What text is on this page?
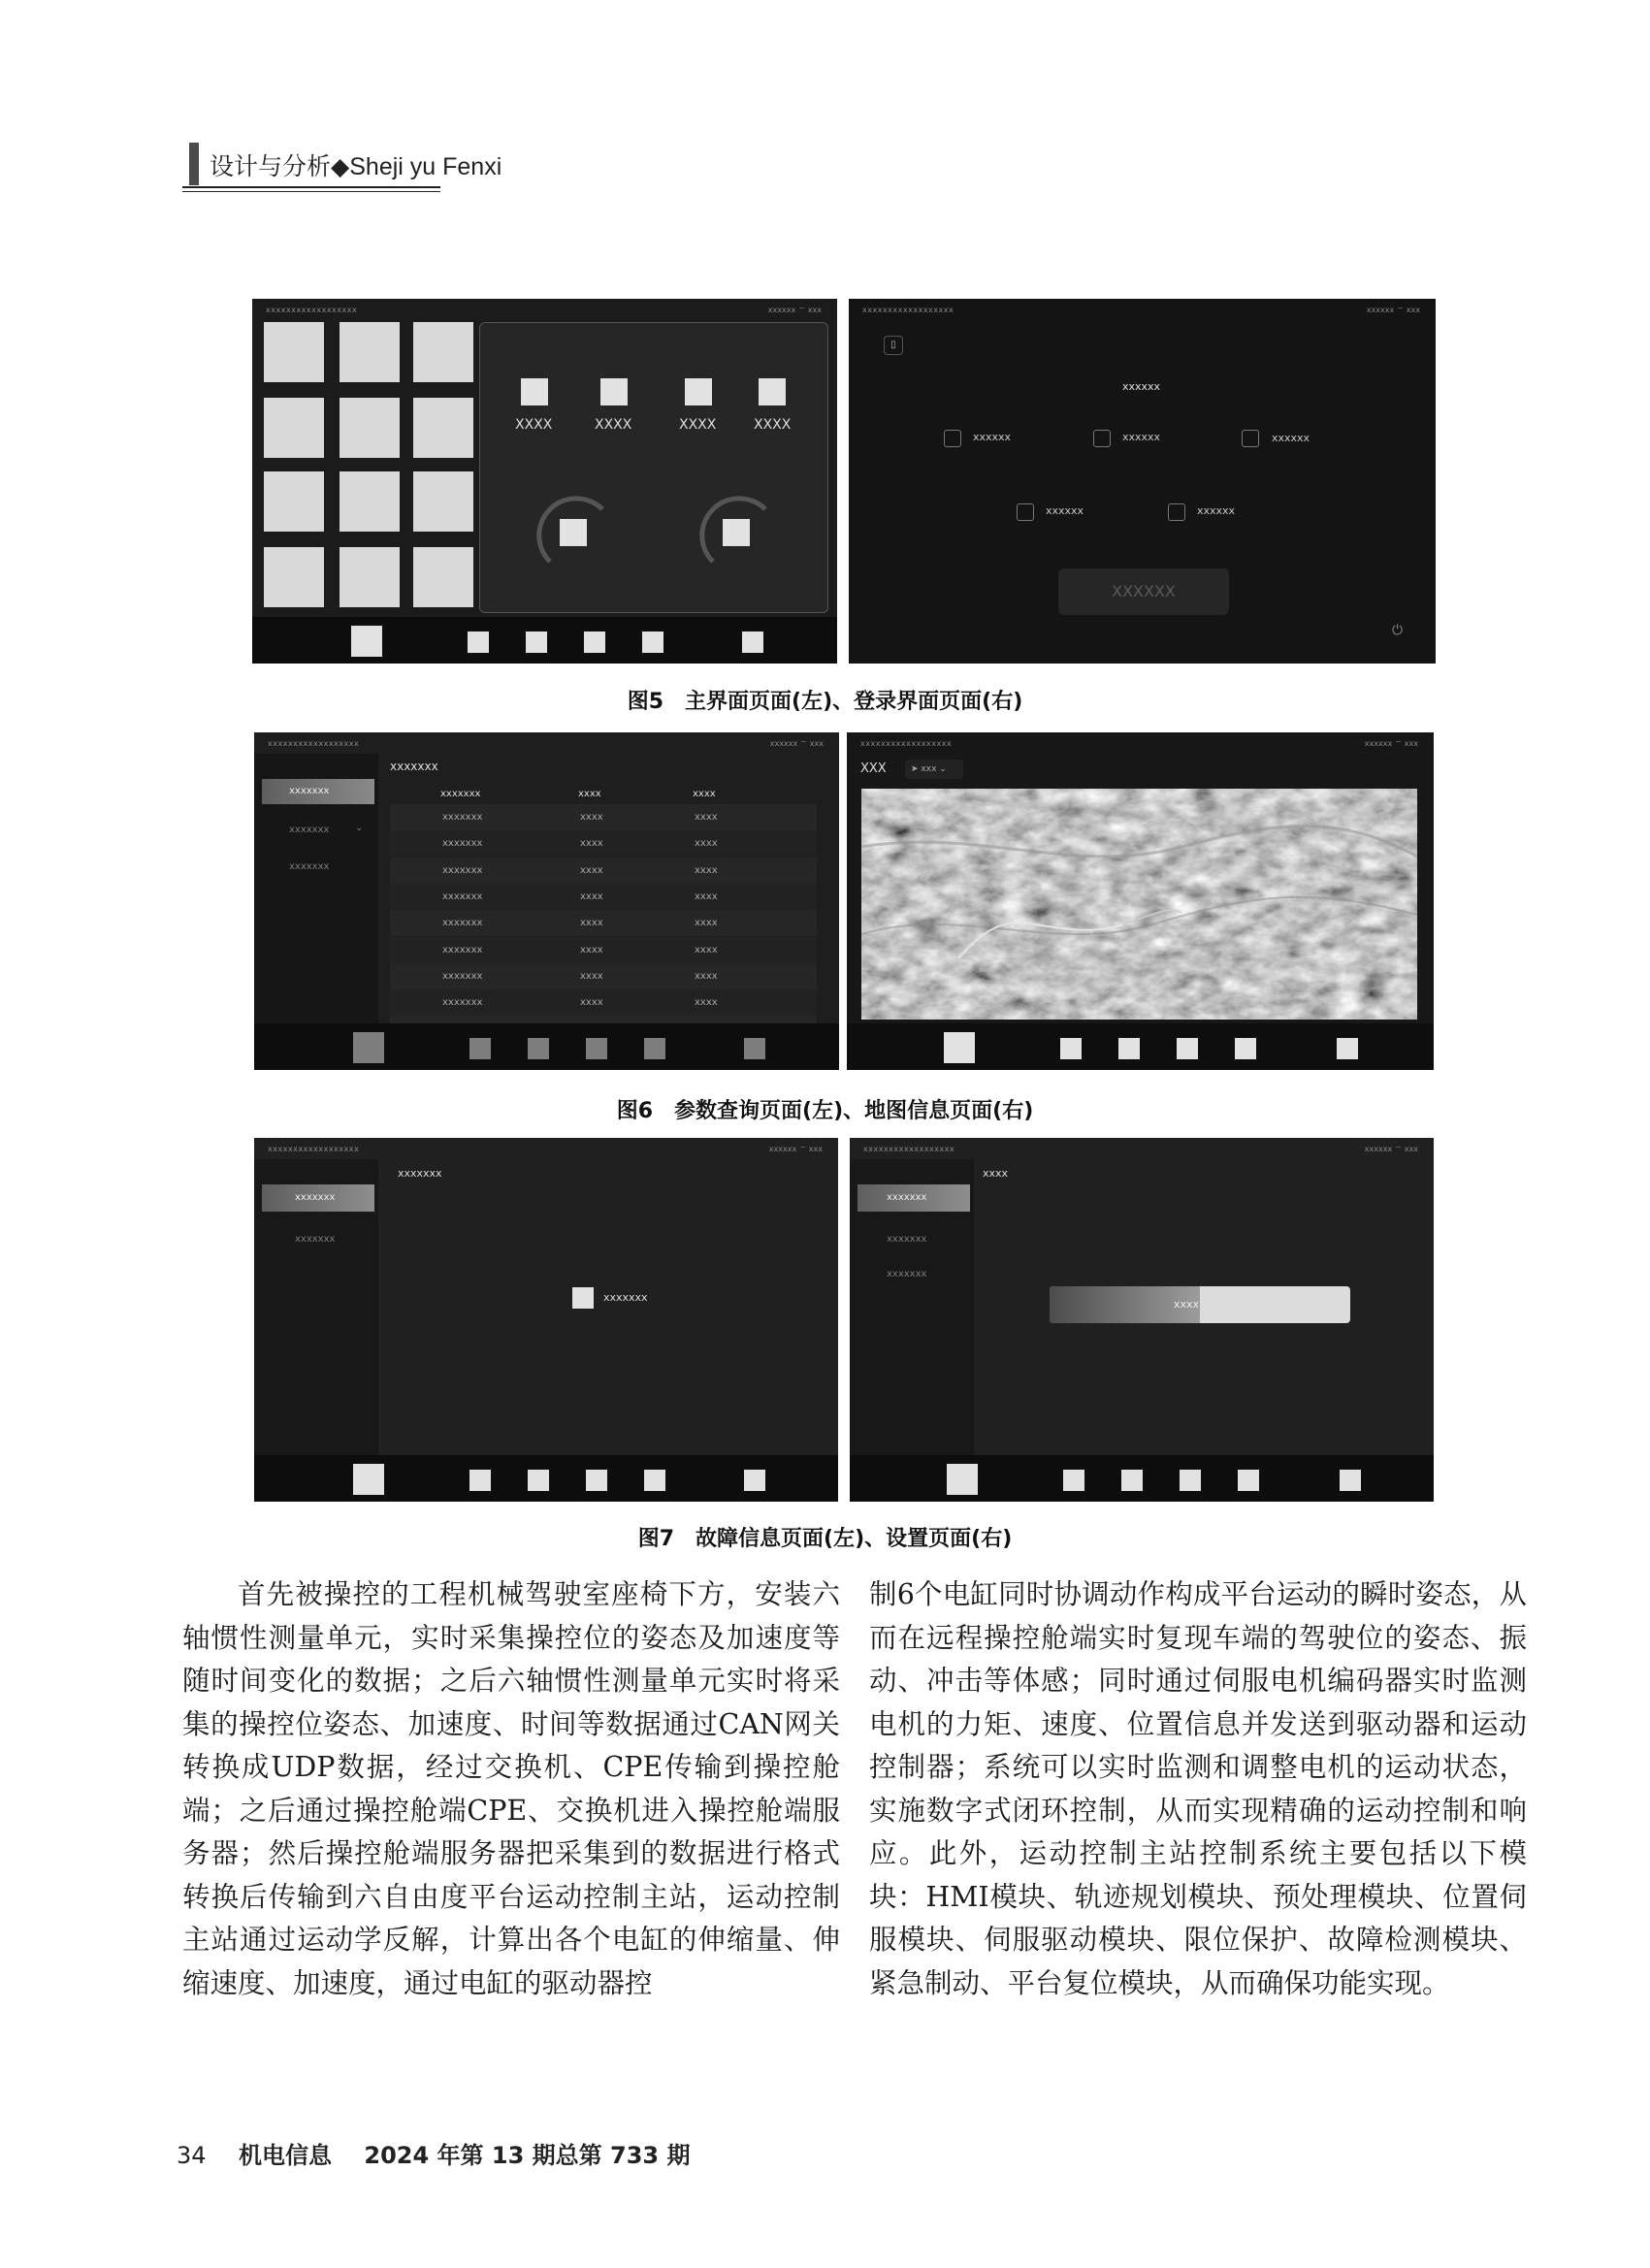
设计与分析◆Sheji yu Fenxi
xxxxxxxxxxxxxxxxxx	xxxxxx ⌔ xxx
XXXX	XXXX	XXXX	XXXX
xxxxxxxxxxxxxxxxxx	xxxxxx ⌔ xxx
▯
xxxxxx
xxxxxx	xxxxxx	xxxxxx
xxxxxx	xxxxxx
XXXXXX
⏻
图5　主界面页面(左)、登录界面页面(右)
xxxxxxxxxxxxxxxxxx	xxxxxx ⌔ xxx
xxxxxxx
xxxxxxx	⌄
xxxxxxx
xxxxxxx
xxxxxxx	xxxx	xxxx
xxxxxxx	xxxx	xxxx
xxxxxxx	xxxx	xxxx
xxxxxxx	xxxx	xxxx
xxxxxxx	xxxx	xxxx
xxxxxxx	xxxx	xxxx
xxxxxxx	xxxx	xxxx
xxxxxxx	xxxx	xxxx
xxxxxxx	xxxx	xxxx
xxxxxxxxxxxxxxxxxx	xxxxxx ⌔ xxx
XXX	➤ xxx ⌄
图6　参数查询页面(左)、地图信息页面(右)
xxxxxxxxxxxxxxxxxx	xxxxxx ⌔ xxx
xxxxxxx
xxxxxxx
xxxxxxx
xxxxxxx
xxxxxxxxxxxxxxxxxx	xxxxxx ⌔ xxx
xxxxxxx
xxxxxxx
xxxxxxx
xxxx
xxxx
图7　故障信息页面(左)、设置页面(右)
首先被操控的工程机械驾驶室座椅下方，安装六轴惯性测量单元，实时采集操控位的姿态及加速度等随时间变化的数据；之后六轴惯性测量单元实时将采集的操控位姿态、加速度、时间等数据通过CAN网关转换成UDP数据，经过交换机、CPE传输到操控舱端；之后通过操控舱端CPE、交换机进入操控舱端服务器；然后操控舱端服务器把采集到的数据进行格式转换后传输到六自由度平台运动控制主站，运动控制主站通过运动学反解，计算出各个电缸的伸缩量、伸缩速度、加速度，通过电缸的驱动器控
制6个电缸同时协调动作构成平台运动的瞬时姿态，从而在远程操控舱端实时复现车端的驾驶位的姿态、振动、冲击等体感；同时通过伺服电机编码器实时监测电机的力矩、速度、位置信息并发送到驱动器和运动控制器；系统可以实时监测和调整电机的运动状态，实施数字式闭环控制，从而实现精确的运动控制和响应。此外，运动控制主站控制系统主要包括以下模块：HMI模块、轨迹规划模块、预处理模块、位置伺服模块、伺服驱动模块、限位保护、故障检测模块、紧急制动、平台复位模块，从而确保功能实现。
34 机电信息 2024 年第 13 期总第 733 期
